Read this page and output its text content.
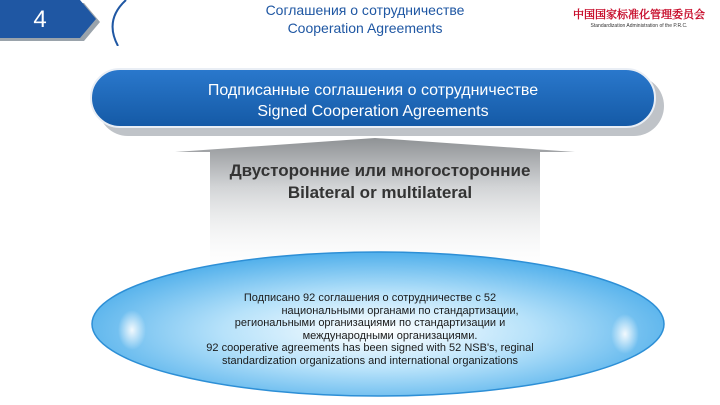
4	Соглашения о сотрудничестве
Cooperation Agreements
中国国家标准化管理委员会
Standardization Administration of the P.R.C.
Подписанные соглашения о сотрудничестве
Signed Cooperation Agreements
Двусторонние или многосторонние
Bilateral or multilateral
Подписано 92 соглашения о сотрудничестве с 52
национальными органами по стандартизации,
региональными организациями по стандартизации и
международными организациями.
92 cooperative agreements has been signed with 52 NSB's, reginal
standardization organizations and international organizations
